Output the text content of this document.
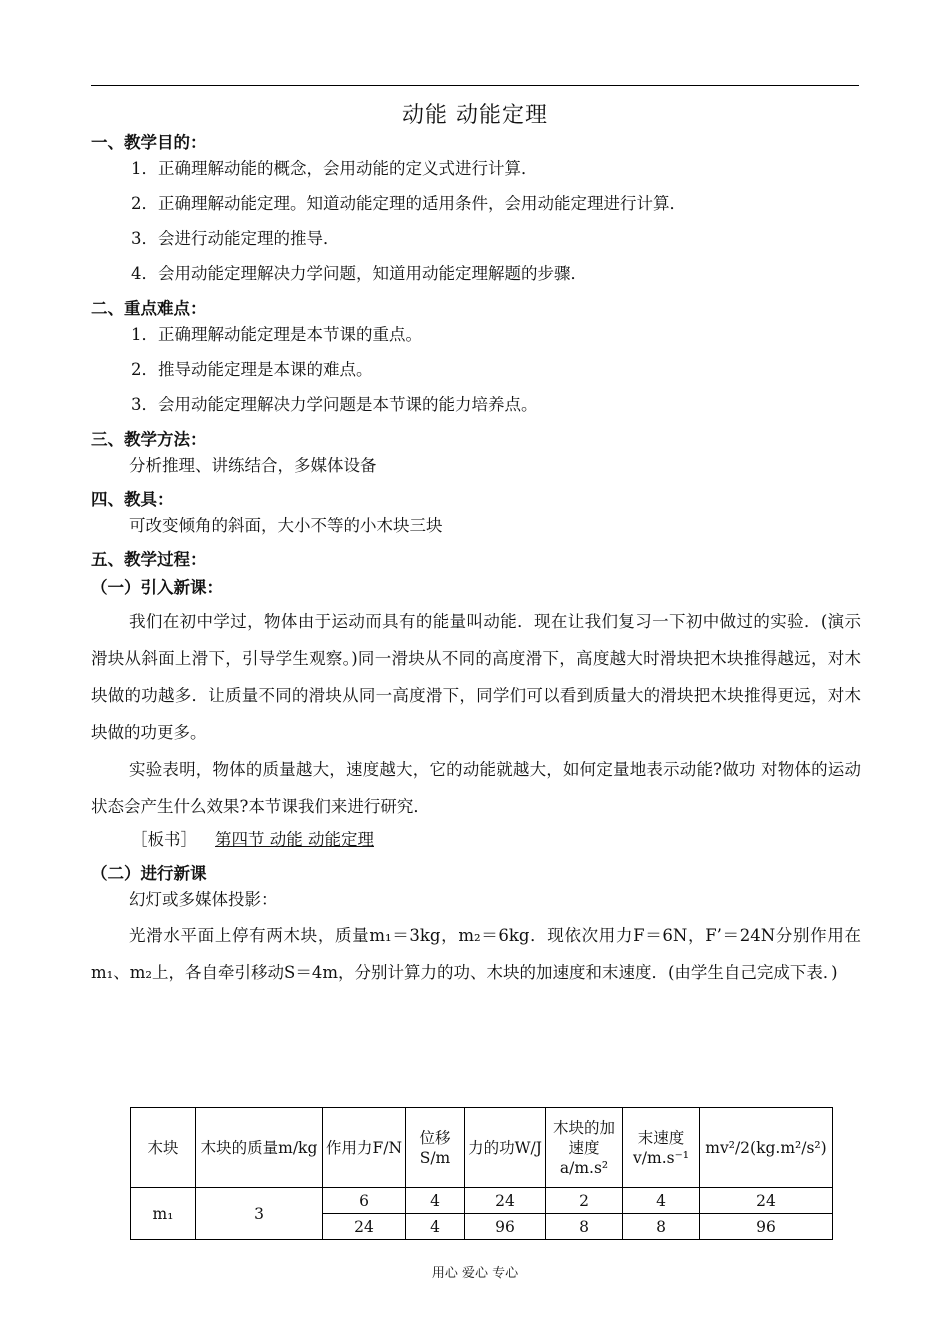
动能 动能定理
一、教学目的：
1．正确理解动能的概念，会用动能的定义式进行计算．
2．正确理解动能定理。知道动能定理的适用条件，会用动能定理进行计算．
3．会进行动能定理的推导．
4．会用动能定理解决力学问题，知道用动能定理解题的步骤．
二、重点难点：
1．正确理解动能定理是本节课的重点。
2．推导动能定理是本课的难点。
3．会用动能定理解决力学问题是本节课的能力培养点。
三、教学方法：
分析推理、讲练结合，多媒体设备
四、教具：
可改变倾角的斜面，大小不等的小木块三块
五、教学过程：
（一）引入新课：

我们在初中学过，物体由于运动而具有的能量叫动能．现在让我们复习一下初中做过的实验．(演示滑块从斜面上滑下，引导学生观察。)同一滑块从不同的高度滑下，高度越大时滑块把木块推得越远，对木块做的功越多．让质量不同的滑块从同一高度滑下，同学们可以看到质量大的滑块把木块推得更远，对木块做的功更多。

实验表明，物体的质量越大，速度越大，它的动能就越大，如何定量地表示动能?做功 对物体的运动状态会产生什么效果?本节课我们来进行研究．

［板书］ 第四节 动能 动能定理
（二）进行新课
幻灯或多媒体投影：

光滑水平面上停有两木块，质量m₁＝3kg，m₂＝6kg．现依次用力F＝6N，F’＝24N分别作用在m₁、m₂上，各自牵引移动S＝4m，分别计算力的功、木块的加速度和末速度．(由学生自己完成下表．)

木块	木块的质量m/kg	作用力F/N	位移S/m	力的功W/J	木块的加速度a/m.s²	末速度v/m.s⁻¹	mv²/2(kg.m²/s²)
m₁	3	6	4	24	2	4	24
		24	4	96	8	8	96
用心 爱心 专心
